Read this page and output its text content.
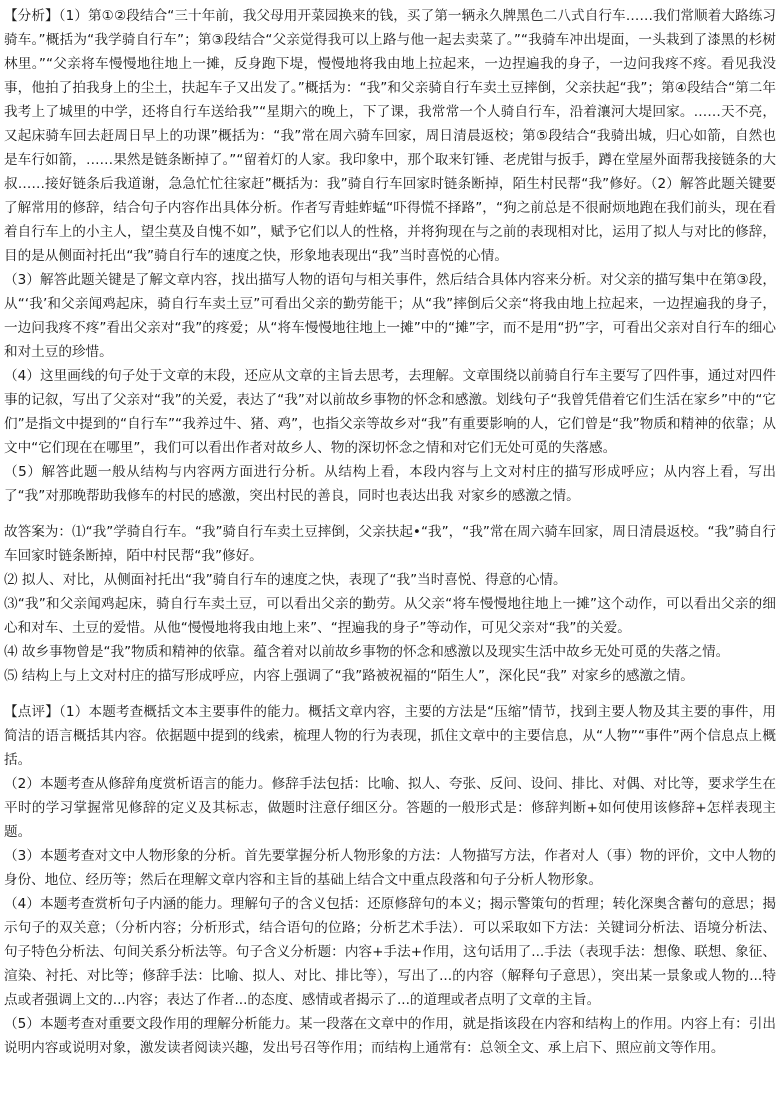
【分析】（1）第①②段结合“三十年前，我父母用开菜园换来的钱，买了第一辆永久牌黑色二八式自行车……我们常顺着大路练习骑车。”概括为“我学骑自行车”；第③段结合“父亲觉得我可以上路与他一起去卖菜了。”“我骑车冲出堤面，一头栽到了漆黑的杉树林里。”“父亲将车慢慢地往地上一摊，反身跑下堤，慢慢地将我由地上拉起来，一边捏遍我的身子，一边问我疼不疼。看见我没事，他拍了拍我身上的尘土，扶起车子又出发了。”概括为：“我”和父亲骑自行车卖土豆摔倒，父亲扶起“我”；第④段结合“第二年我考上了城里的中学，还将自行车送给我”“星期六的晚上，下了课，我常常一个人骑自行车，沿着瀼河大堤回家。……天不亮，又起床骑车回去赶周日早上的功课”概括为：“我”常在周六骑车回家，周日清晨返校；第⑤段结合“我骑出城，归心如箭，自然也是车行如箭，……果然是链条断掉了。”“留着灯的人家。我印象中，那个取来钉锤、老虎钳与扳手，蹲在堂屋外面帮我接链条的大叔……接好链条后我道谢，急急忙忙往家赶”概括为：我”骑自行车回家时链条断掉，陌生村民帮“我”修好。（2）解答此题关键要了解常用的修辞，结合句子内容作出具体分析。作者写青蛙蚱蜢“吓得慌不择路”，“狗之前总是不很耐烦地跑在我们前头，现在看着自行车上的小主人，望尘莫及自愧不如”，赋予它们以人的性格，并将狗现在与之前的表现相对比，运用了拟人与对比的修辞，目的是从侧面衬托出“我”骑自行车的速度之快，形象地表现出“我”当时喜悦的心情。

（3）解答此题关键是了解文章内容，找出描写人物的语句与相关事件，然后结合具体内容来分析。对父亲的描写集中在第③段，从“‘我’和父亲闻鸡起床，骑自行车卖土豆”可看出父亲的勤劳能干；从“我”摔倒后父亲“将我由地上拉起来，一边捏遍我的身子，一边问我疼不疼”看出父亲对“我”的疼爱；从“将车慢慢地往地上一摊”中的“摊”字，而不是用“扔”字，可看出父亲对自行车的细心和对土豆的珍惜。

（4）这里画线的句子处于文章的末段，还应从文章的主旨去思考，去理解。文章围绕以前骑自行车主要写了四件事，通过对四件事的记叙，写出了父亲对“我”的关爱，表达了“我”对以前故乡事物的怀念和感激。划线句子“我曾凭借着它们生活在家乡”中的“它们”是指文中提到的“自行车”“我养过牛、猪、鸡”，也指父亲等故乡对“我”有重要影响的人，它们曾是“我”物质和精神的依靠；从文中“它们现在在哪里”，我们可以看出作者对故乡人、物的深切怀念之情和对它们无处可觅的失落感。

（5）解答此题一般从结构与内容两方面进行分析。从结构上看，本段内容与上文对村庄的描写形成呼应；从内容上看，写出了“我”对那晚帮助我修车的村民的感激，突出村民的善良，同时也表达出我 对家乡的感激之情。

故答案为：⑴“我”学骑自行车。“我”骑自行车卖土豆摔倒，父亲扶起•“我”，“我”常在周六骑车回家，周日清晨返校。“我”骑自行车回家时链条断掉，陌中村民帮“我”修好。

⑵ 拟人、对比，从侧面衬托出“我”骑自行车的速度之快，表现了“我”当时喜悦、得意的心情。

⑶“我”和父亲闻鸡起床，骑自行车卖土豆，可以看出父亲的勤劳。从父亲“将车慢慢地往地上一摊”这个动作，可以看出父亲的细心和对车、土豆的爱惜。从他“慢慢地将我由地上来”、“捏遍我的身子”等动作，可见父亲对“我”的关爱。

⑷ 故乡事物曾是“我”物质和精神的依靠。蕴含着对以前故乡事物的怀念和感激以及现实生活中故乡无处可觅的失落之情。

⑸ 结构上与上文对村庄的描写形成呼应，内容上强调了“我”路被祝福的“陌生人”，深化民“我” 对家乡的感激之情。

【点评】（1）本题考查概括文本主要事件的能力。概括文章内容，主要的方法是“压缩”情节，找到主要人物及其主要的事件，用简洁的语言概括其内容。依据题中提到的线索，梳理人物的行为表现，抓住文章中的主要信息，从“人物”“事件”两个信息点上概括。

（2）本题考查从修辞角度赏析语言的能力。修辞手法包括：比喻、拟人、夸张、反问、设问、排比、对偶、对比等，要求学生在平时的学习掌握常见修辞的定义及其标志，做题时注意仔细区分。答题的一般形式是：修辞判断+如何使用该修辞+怎样表现主题。

（3）本题考查对文中人物形象的分析。首先要掌握分析人物形象的方法：人物描写方法，作者对人（事）物的评价，文中人物的身份、地位、经历等；然后在理解文章内容和主旨的基础上结合文中重点段落和句子分析人物形象。

（4）本题考查赏析句子内涵的能力。理解句子的含义包括：还原修辞句的本义；揭示警策句的哲理；转化深奥含蓄句的意思；揭示句子的双关意；（分析内容；分析形式，结合语句的位路；分析艺术手法）．可以采取如下方法：关键词分析法、语境分析法、句子特色分析法、句间关系分析法等。句子含义分析题：内容+手法+作用，这句话用了...手法（表现手法：想像、联想、象征、渲染、衬托、对比等；修辞手法：比喻、拟人、对比、排比等），写出了...的内容（解释句子意思），突出某一景象或人物的...特点或者强调上文的...内容；表达了作者...的态度、感情或者揭示了...的道理或者点明了文章的主旨。

（5）本题考查对重要文段作用的理解分析能力。某一段落在文章中的作用，就是指该段在内容和结构上的作用。内容上有：引出说明内容或说明对象，激发读者阅读兴趣，发出号召等作用；而结构上通常有：总领全文、承上启下、照应前文等作用。
